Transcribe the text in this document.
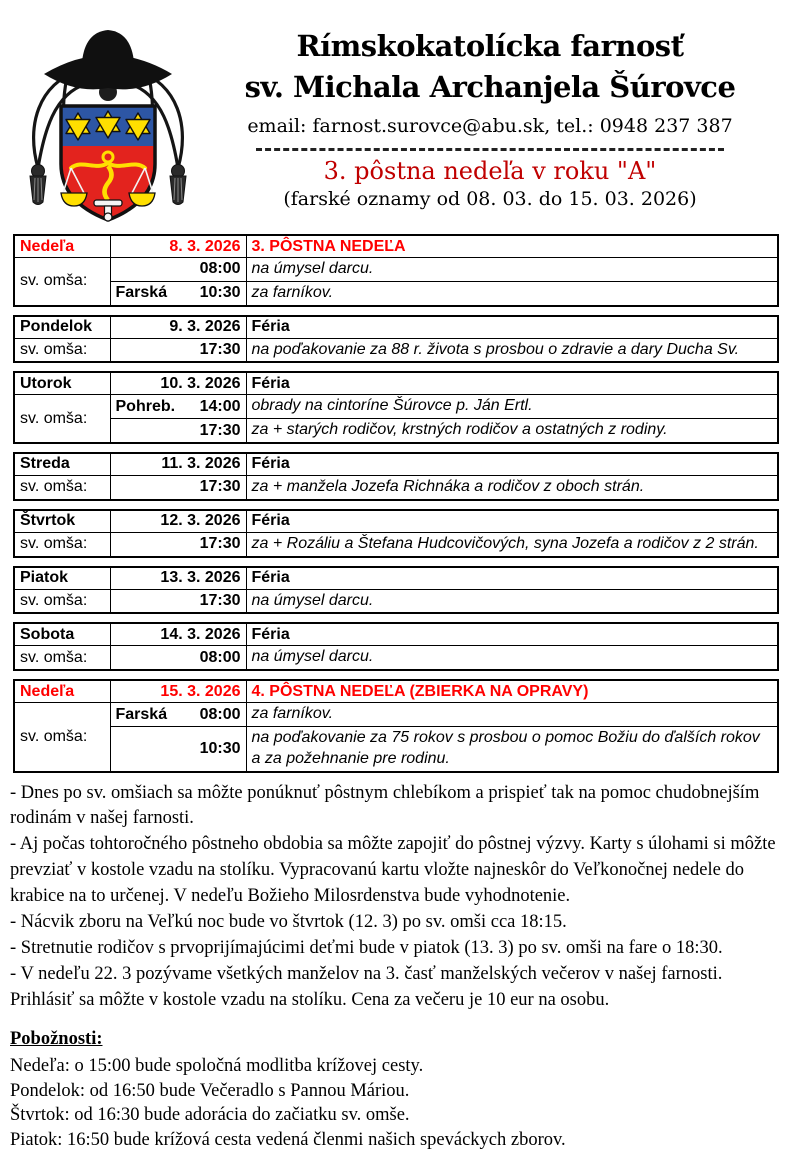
Rímskokatolícka farnosť
sv. Michala Archanjela Šúrovce
email: farnost.surovce@abu.sk, tel.: 0948 237 387
3. pôstna nedeľa v roku "A"
(farské oznamy od 08. 03. do 15. 03. 2026)
Nedeľa	8. 3. 2026	3. PÔSTNA NEDEĽA
sv. omša:	08:00	na úmysel darcu.

	Farská 10:30	za farníkov.
Pondelok	9. 3. 2026	Féria
sv. omša:	17:30	na poďakovanie za 88 r. života s prosbou o zdravie a dary Ducha Sv.
Utorok	10. 3. 2026	Féria
sv. omša:	Pohreb. 14:00	obrady na cintoríne Šúrovce p. Ján Ertl.

	17:30	za + starých rodičov, krstných rodičov a ostatných z rodiny.
Streda	11. 3. 2026	Féria
sv. omša:	17:30	za + manžela Jozefa Richnáka a rodičov z oboch strán.
Štvrtok	12. 3. 2026	Féria
sv. omša:	17:30	za + Rozáliu a Štefana Hudcovičových, syna Jozefa a rodičov z 2 strán.
Piatok	13. 3. 2026	Féria
sv. omša:	17:30	na úmysel darcu.
Sobota	14. 3. 2026	Féria
sv. omša:	08:00	na úmysel darcu.
Nedeľa	15. 3. 2026	4. PÔSTNA NEDEĽA (ZBIERKA NA OPRAVY)
sv. omša:	Farská 08:00	za farníkov.

	10:30	na poďakovanie za 75 rokov s prosbou o pomoc Božiu do ďalších rokov a za požehnanie pre rodinu.

- Dnes po sv. omšiach sa môžte ponúknuť pôstnym chlebíkom a prispieť tak na pomoc chudobnejším rodinám v našej farnosti.

- Aj počas tohtoročného pôstneho obdobia sa môžte zapojiť do pôstnej výzvy. Karty s úlohami si môžte prevziať v kostole vzadu na stolíku. Vypracovanú kartu vložte najneskôr do Veľkonočnej nedele do krabice na to určenej. V nedeľu Božieho Milosrdenstva bude vyhodnotenie.

- Nácvik zboru na Veľkú noc bude vo štvrtok (12. 3) po sv. omši cca 18:15.

- Stretnutie rodičov s prvoprijímajúcimi deťmi bude v piatok (13. 3) po sv. omši na fare o 18:30.

- V nedeľu 22. 3 pozývame všetkých manželov na 3. časť manželských večerov v našej farnosti. Prihlásiť sa môžte v kostole vzadu na stolíku. Cena za večeru je 10 eur na osobu.

Pobožnosti:

Nedeľa: o 15:00 bude spoločná modlitba krížovej cesty.

Pondelok: od 16:50 bude Večeradlo s Pannou Máriou.

Štvrtok: od 16:30 bude adorácia do začiatku sv. omše.

Piatok: 16:50 bude krížová cesta vedená členmi našich speváckych zborov.
